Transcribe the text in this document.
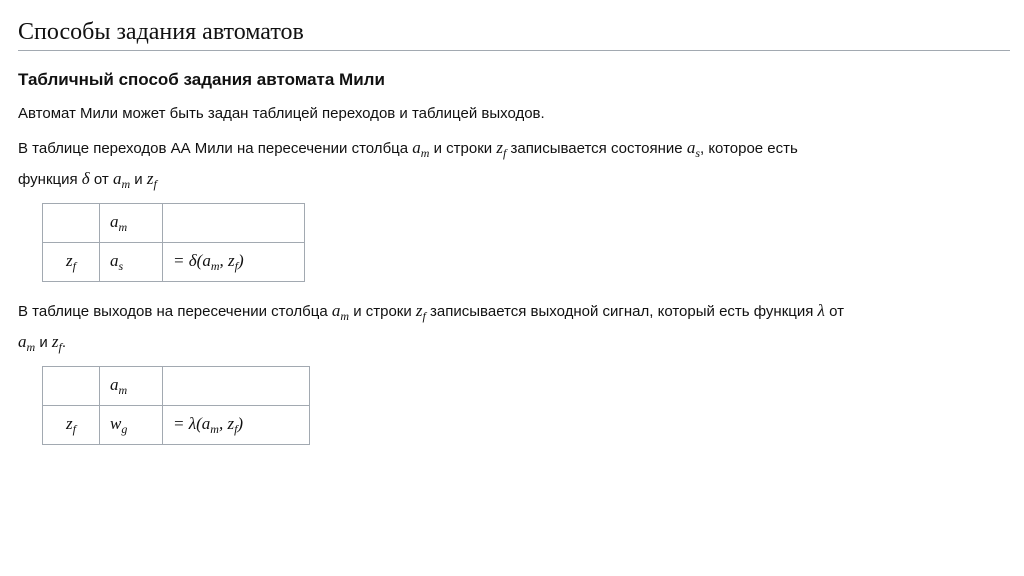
Способы задания автоматов
Табличный способ задания автомата Мили

Автомат Мили может быть задан таблицей переходов и таблицей выходов.

В таблице переходов АА Мили на пересечении столбца $a_m$ и строки $z_f$ записывается состояние $a_s$, которое есть
функция δ от $a_m$ и $z_f$

	$a_m$	
$z_f$	$a_s$	= $\delta(a_m$, $z_f$)

В таблице выходов на пересечении столбца $a_m$ и строки $z_f$ записывается выходной сигнал, который есть функция λ от
$a_m$ и $z_f$.

	$a_m$	
$z_f$	$w_g$	= $\lambda(a_m$, $z_f$)
